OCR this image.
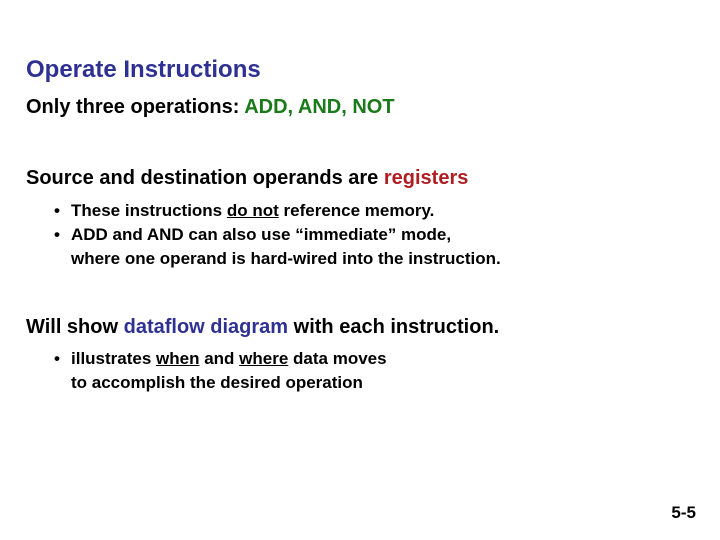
Operate Instructions
Only three operations: ADD, AND, NOT
Source and destination operands are registers
• These instructions do not reference memory.
• ADD and AND can also use “immediate” mode,
where one operand is hard-wired into the instruction.
Will show dataflow diagram with each instruction.
• illustrates when and where data moves
to accomplish the desired operation
5-5
